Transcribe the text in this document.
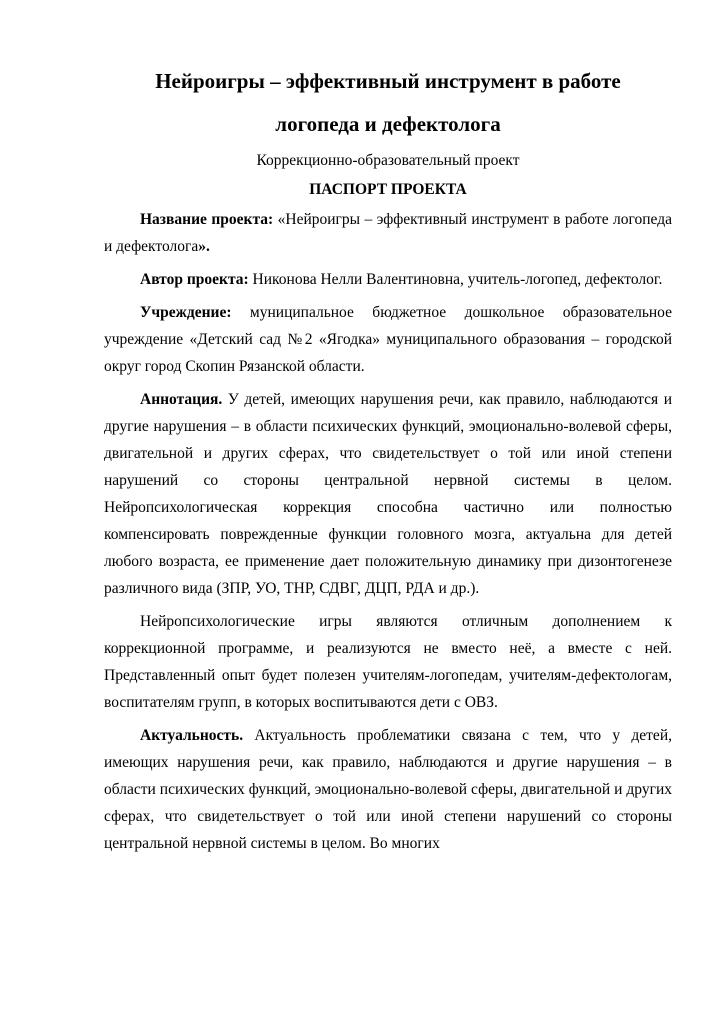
Нейроигры – эффективный инструмент в работе
логопеда и дефектолога
Коррекционно-образовательный проект
ПАСПОРТ ПРОЕКТА

Название проекта: «Нейроигры – эффективный инструмент в работе логопеда и дефектолога».

Автор проекта: Никонова Нелли Валентиновна, учитель-логопед, дефектолог.

Учреждение: муниципальное бюджетное дошкольное образовательное учреждение «Детский сад №2 «Ягодка» муниципального образования – городской округ город Скопин Рязанской области.

Аннотация. У детей, имеющих нарушения речи, как правило, наблюдаются и другие нарушения – в области психических функций, эмоционально-волевой сферы, двигательной и других сферах, что свидетельствует о той или иной степени нарушений со стороны центральной нервной системы в целом. Нейропсихологическая коррекция способна частично или полностью компенсировать поврежденные функции головного мозга, актуальна для детей любого возраста, ее применение дает положительную динамику при дизонтогенезе различного вида (ЗПР, УО, ТНР, СДВГ, ДЦП, РДА и др.).

Нейропсихологические игры являются отличным дополнением к коррекционной программе, и реализуются не вместо неё, а вместе с ней. Представленный опыт будет полезен учителям-логопедам, учителям-дефектологам, воспитателям групп, в которых воспитываются дети с ОВЗ.

Актуальность. Актуальность проблематики связана с тем, что у детей, имеющих нарушения речи, как правило, наблюдаются и другие нарушения – в области психических функций, эмоционально-волевой сферы, двигательной и других сферах, что свидетельствует о той или иной степени нарушений со стороны центральной нервной системы в целом. Во многих
